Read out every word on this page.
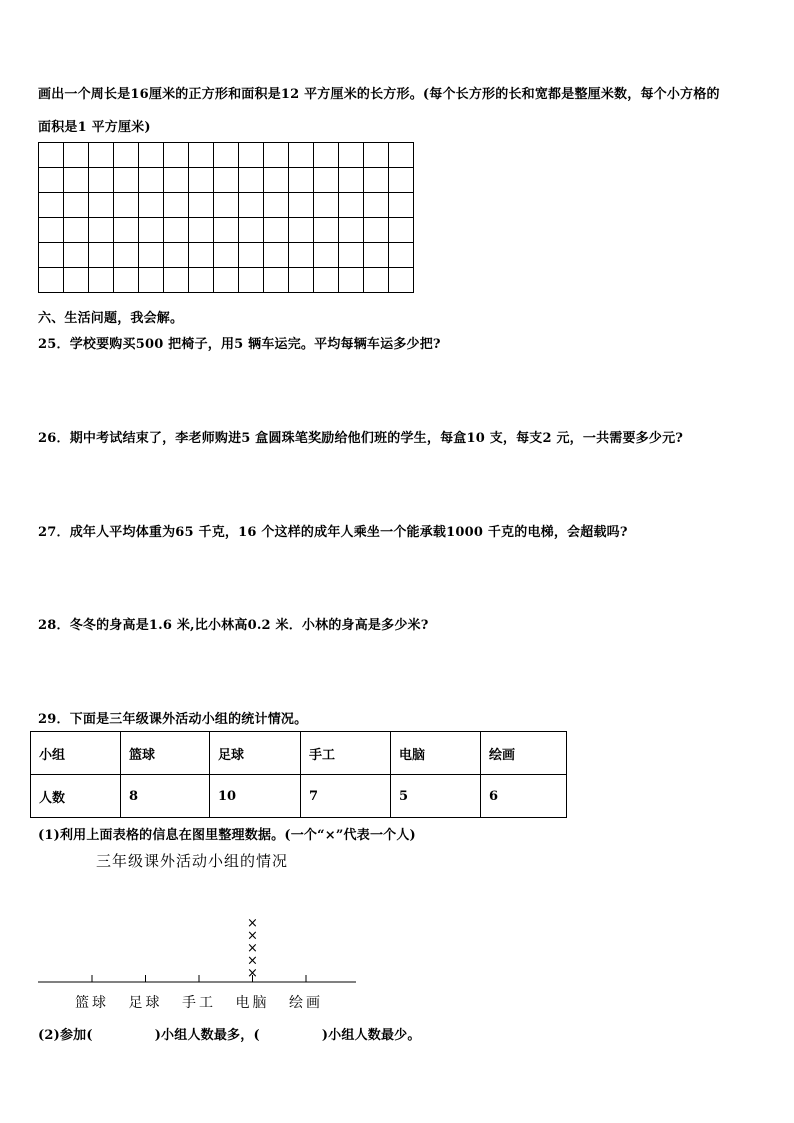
画出一个周长是16厘米的正方形和面积是12 平方厘米的长方形。(每个长方形的长和宽都是整厘米数，每个小方格的
面积是1 平方厘米)

六、生活问题，我会解。
25．学校要购买500 把椅子，用5 辆车运完。平均每辆车运多少把?
26．期中考试结束了，李老师购进5 盒圆珠笔奖励给他们班的学生，每盒10 支，每支2 元，一共需要多少元?
27．成年人平均体重为65 千克，16 个这样的成年人乘坐一个能承载1000 千克的电梯，会超载吗?
28．冬冬的身高是1.6 米,比小林高0.2 米．小林的身高是多少米?
29．下面是三年级课外活动小组的统计情况。
小组	篮球	足球	手工	电脑	绘画
人数	8	10	7	5	6
(1)利用上面表格的信息在图里整理数据。(一个“×”代表一个人)
三年级课外活动小组的情况
篮球 足球 手工 电脑
×
×
×
×
×
绘画
(2)参加(	)小组人数最多，(	)小组人数最少。
